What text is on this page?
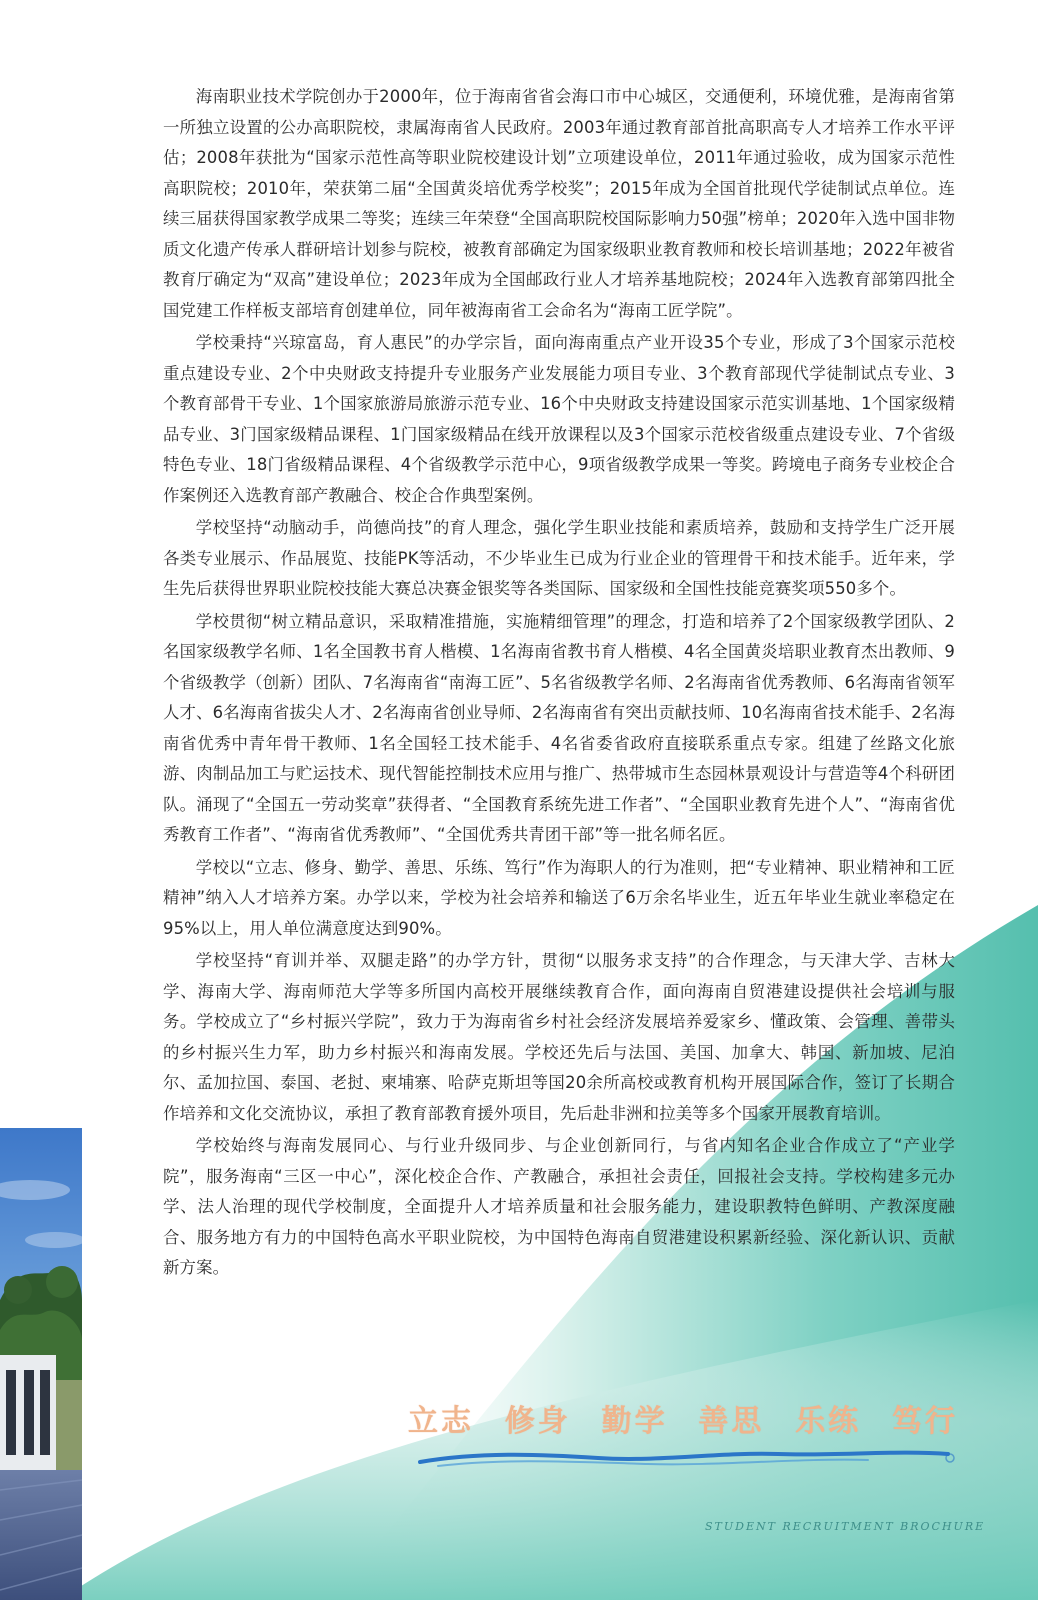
海南职业技术学院创办于2000年，位于海南省省会海口市中心城区，交通便利，环境优雅，是海南省第一所独立设置的公办高职院校，隶属海南省人民政府。2003年通过教育部首批高职高专人才培养工作水平评估；2008年获批为“国家示范性高等职业院校建设计划”立项建设单位，2011年通过验收，成为国家示范性高职院校；2010年，荣获第二届“全国黄炎培优秀学校奖”；2015年成为全国首批现代学徒制试点单位。连续三届获得国家教学成果二等奖；连续三年荣登“全国高职院校国际影响力50强”榜单；2020年入选中国非物质文化遗产传承人群研培计划参与院校，被教育部确定为国家级职业教育教师和校长培训基地；2022年被省教育厅确定为“双高”建设单位；2023年成为全国邮政行业人才培养基地院校；2024年入选教育部第四批全国党建工作样板支部培育创建单位，同年被海南省工会命名为“海南工匠学院”。

学校秉持“兴琼富岛，育人惠民”的办学宗旨，面向海南重点产业开设35个专业，形成了3个国家示范校重点建设专业、2个中央财政支持提升专业服务产业发展能力项目专业、3个教育部现代学徒制试点专业、3个教育部骨干专业、1个国家旅游局旅游示范专业、16个中央财政支持建设国家示范实训基地、1个国家级精品专业、3门国家级精品课程、1门国家级精品在线开放课程以及3个国家示范校省级重点建设专业、7个省级特色专业、18门省级精品课程、4个省级教学示范中心，9项省级教学成果一等奖。跨境电子商务专业校企合作案例还入选教育部产教融合、校企合作典型案例。

学校坚持“动脑动手，尚德尚技”的育人理念，强化学生职业技能和素质培养，鼓励和支持学生广泛开展各类专业展示、作品展览、技能PK等活动，不少毕业生已成为行业企业的管理骨干和技术能手。近年来，学生先后获得世界职业院校技能大赛总决赛金银奖等各类国际、国家级和全国性技能竞赛奖项550多个。

学校贯彻“树立精品意识，采取精准措施，实施精细管理”的理念，打造和培养了2个国家级教学团队、2名国家级教学名师、1名全国教书育人楷模、1名海南省教书育人楷模、4名全国黄炎培职业教育杰出教师、9个省级教学（创新）团队、7名海南省“南海工匠”、5名省级教学名师、2名海南省优秀教师、6名海南省领军人才、6名海南省拔尖人才、2名海南省创业导师、2名海南省有突出贡献技师、10名海南省技术能手、2名海南省优秀中青年骨干教师、1名全国轻工技术能手、4名省委省政府直接联系重点专家。组建了丝路文化旅游、肉制品加工与贮运技术、现代智能控制技术应用与推广、热带城市生态园林景观设计与营造等4个科研团队。涌现了“全国五一劳动奖章”获得者、“全国教育系统先进工作者”、“全国职业教育先进个人”、“海南省优秀教育工作者”、“海南省优秀教师”、“全国优秀共青团干部”等一批名师名匠。

学校以“立志、修身、勤学、善思、乐练、笃行”作为海职人的行为准则，把“专业精神、职业精神和工匠精神”纳入人才培养方案。办学以来，学校为社会培养和输送了6万余名毕业生，近五年毕业生就业率稳定在95%以上，用人单位满意度达到90%。

学校坚持“育训并举、双腿走路”的办学方针，贯彻“以服务求支持”的合作理念，与天津大学、吉林大学、海南大学、海南师范大学等多所国内高校开展继续教育合作，面向海南自贸港建设提供社会培训与服务。学校成立了“乡村振兴学院”，致力于为海南省乡村社会经济发展培养爱家乡、懂政策、会管理、善带头的乡村振兴生力军，助力乡村振兴和海南发展。学校还先后与法国、美国、加拿大、韩国、新加坡、尼泊尔、孟加拉国、泰国、老挝、柬埔寨、哈萨克斯坦等国20余所高校或教育机构开展国际合作，签订了长期合作培养和文化交流协议，承担了教育部教育援外项目，先后赴非洲和拉美等多个国家开展教育培训。

学校始终与海南发展同心、与行业升级同步、与企业创新同行，与省内知名企业合作成立了“产业学院”，服务海南“三区一中心”，深化校企合作、产教融合，承担社会责任，回报社会支持。学校构建多元办学、法人治理的现代学校制度，全面提升人才培养质量和社会服务能力，建设职教特色鲜明、产教深度融合、服务地方有力的中国特色高水平职业院校，为中国特色海南自贸港建设积累新经验、深化新认识、贡献新方案。

立志 修身 勤学 善思 乐练 笃行
STUDENT RECRUITMENT BROCHURE
